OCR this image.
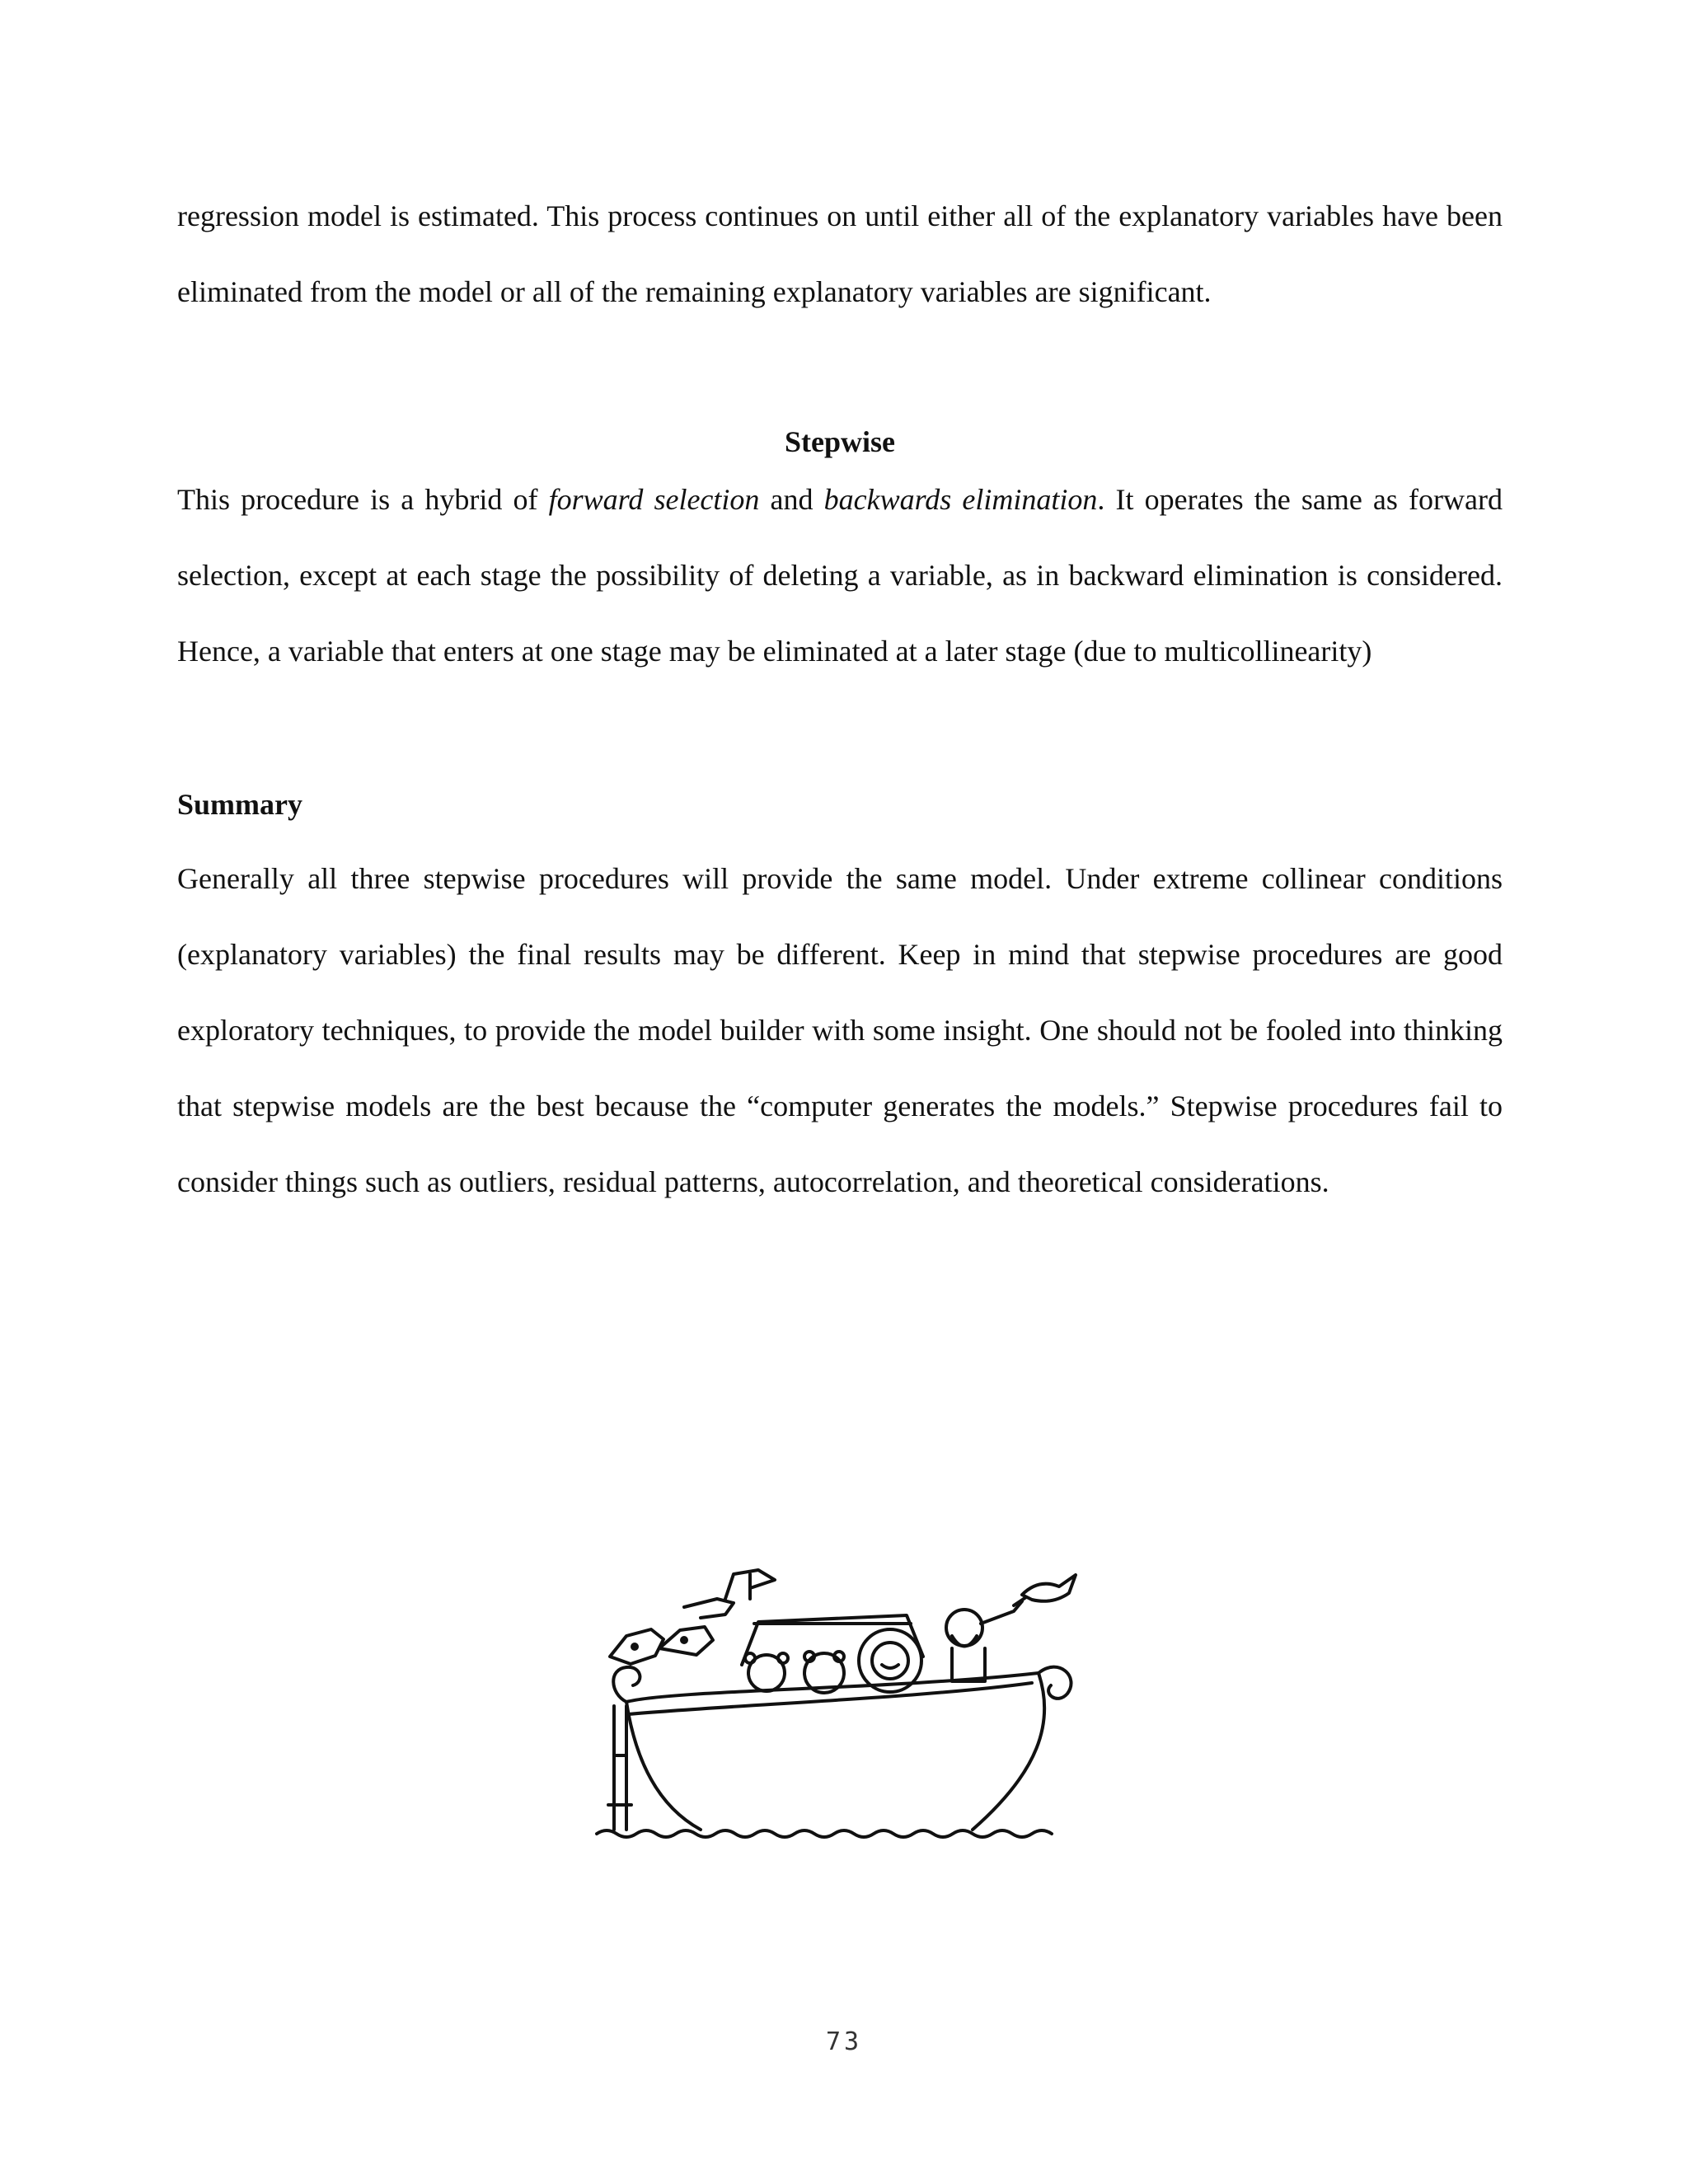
regression model is estimated. This process continues on until either all of the explanatory variables have been eliminated from the model or all of the remaining explanatory variables are significant.
Stepwise
This procedure is a hybrid of forward selection and backwards elimination. It operates the same as forward selection, except at each stage the possibility of deleting a variable, as in backward elimination is considered. Hence, a variable that enters at one stage may be eliminated at a later stage (due to multicollinearity)
Summary
Generally all three stepwise procedures will provide the same model. Under extreme collinear conditions (explanatory variables) the final results may be different. Keep in mind that stepwise procedures are good exploratory techniques, to provide the model builder with some insight. One should not be fooled into thinking that stepwise models are the best because the “computer generates the models.” Stepwise procedures fail to consider things such as outliers, residual patterns, autocorrelation, and theoretical considerations.
73
